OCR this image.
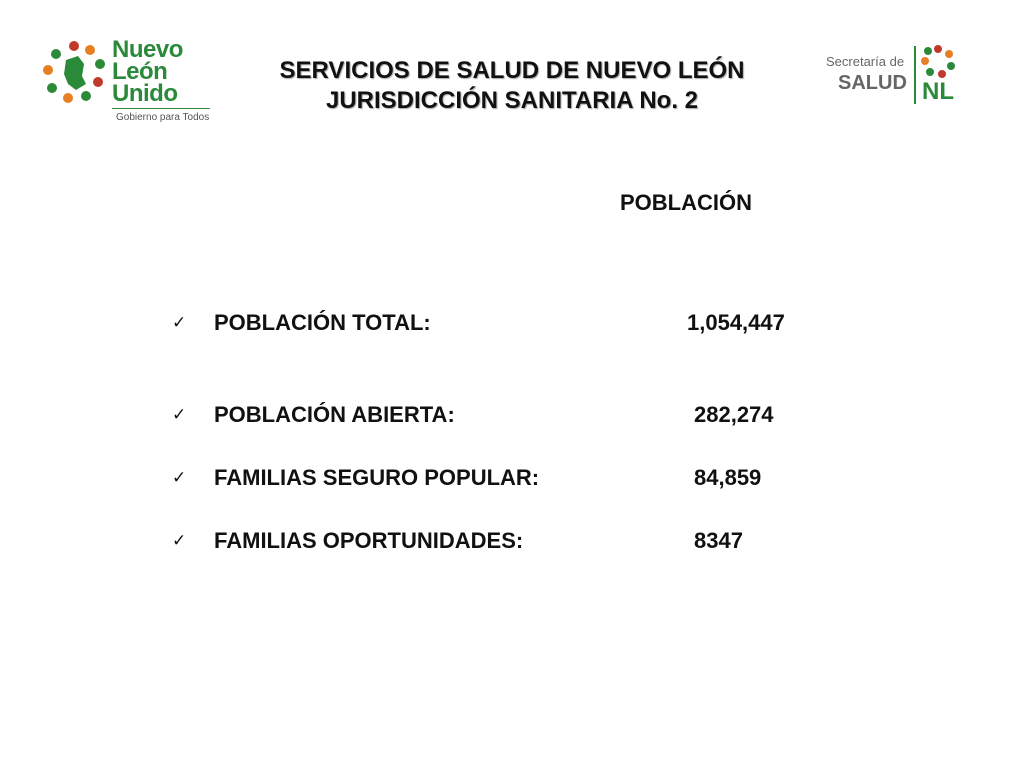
Nuevo
León
Unido
Gobierno para Todos
SERVICIOS DE SALUD DE NUEVO LEÓN
JURISDICCIÓN SANITARIA No. 2
Secretaría de
SALUD NL
POBLACIÓN
✓ POBLACIÓN TOTAL:	1,054,447
✓ POBLACIÓN ABIERTA:	282,274
✓ FAMILIAS SEGURO POPULAR:	84,859
✓ FAMILIAS OPORTUNIDADES:	8347
